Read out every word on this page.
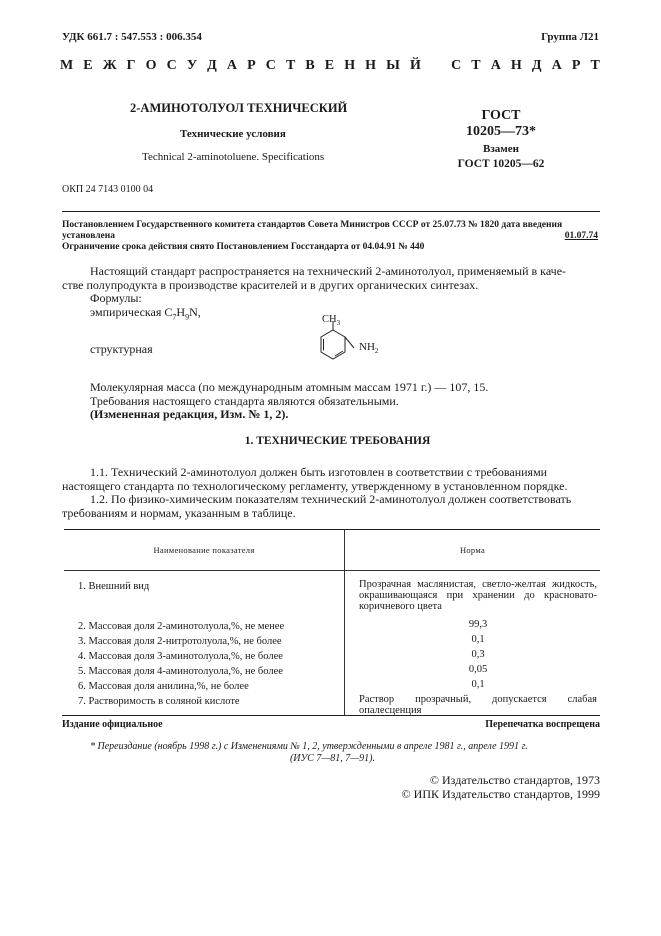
УДК 661.7 : 547.553 : 006.354	Группа Л21
М Е Ж Г О С У Д А Р С Т В Е Н Н Ы Й С Т А Н Д А Р Т
2-АМИНОТОЛУОЛ ТЕХНИЧЕСКИЙ
Технические условия
Technical 2-aminotoluene. Specifications
ГОСТ
10205—73*
Взамен
ГОСТ 10205—62
ОКП 24 7143 0100 04
Постановлением Государственного комитета стандартов Совета Министров СССР от 25.07.73 № 1820 дата введения
установлена	01.07.74
Ограничение срока действия снято Постановлением Госстандарта от 04.04.91 № 440
Настоящий стандарт распространяется на технический 2-аминотолуол, применяемый в каче-
стве полупродукта в производстве красителей и в других органических синтезах.
Формулы:
эмпирическая $C_7H_9N$,
структурная
$CH_3$
$NH_2$
Молекулярная масса (по международным атомным массам 1971 г.) — 107, 15.
Требования настоящего стандарта являются обязательными.
(Измененная редакция, Изм. № 1, 2).
1. ТЕХНИЧЕСКИЕ ТРЕБОВАНИЯ
1.1. Технический 2-аминотолуол должен быть изготовлен в соответствии с требованиями
настоящего стандарта по технологическому регламенту, утвержденному в установленном порядке.
1.2. По физико-химическим показателям технический 2-аминотолуол должен соответствовать
требованиям и нормам, указанным в таблице.
Наименование показателя	Норма

1. Внешний вид	Прозрачная маслянистая, светло-желтая жидкость, окрашивающаяся при хранении до красновато-коричневого цвета
2. Массовая доля 2-аминотолуола,%, не менее	99,3
3. Массовая доля 2-нитротолуола,%, не более	0,1
4. Массовая доля 3-аминотолуола,%, не более	0,3
5. Массовая доля 4-аминотолуола,%, не более	0,05
6. Массовая доля анилина,%, не более	0,1
7. Растворимость в соляной кислоте	Раствор прозрачный, допускается слабая опалесценция
Издание официальное	Перепечатка воспрещена
* Переиздание (ноябрь 1998 г.) с Изменениями № 1, 2, утвержденными в апреле 1981 г., апреле 1991 г.
(ИУС 7—81, 7—91).
© Издательство стандартов, 1973
© ИПК Издательство стандартов, 1999
